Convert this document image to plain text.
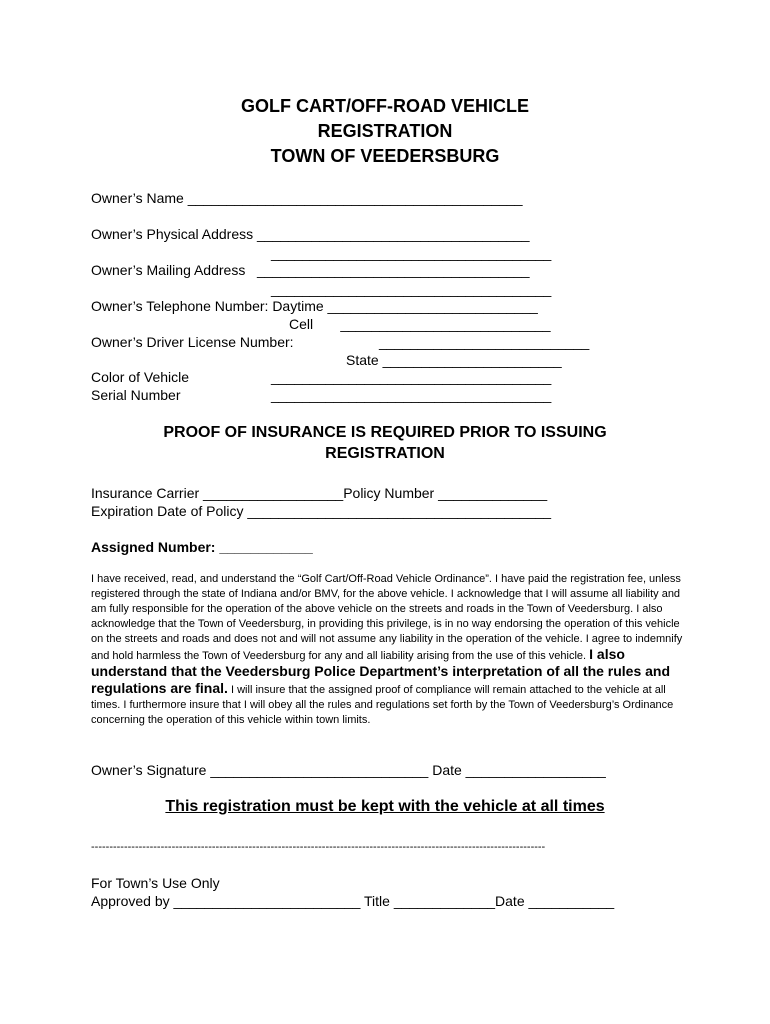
GOLF CART/OFF-ROAD VEHICLE
REGISTRATION
TOWN OF VEEDERSBURG
Owner’s Name ___________________________________________
Owner’s Physical Address ___________________________________
____________________________________
Owner’s Mailing Address   ___________________________________
____________________________________
Owner’s Telephone Number: Daytime ___________________________
Cell       ___________________________
Owner’s Driver License Number:	___________________________
State _______________________
Color of Vehicle	____________________________________
Serial Number	____________________________________
PROOF OF INSURANCE IS REQUIRED PRIOR TO ISSUING
REGISTRATION
Insurance Carrier __________________Policy Number ______________
Expiration Date of Policy _______________________________________
Assigned Number: ____________
I have received, read, and understand the “Golf Cart/Off-Road Vehicle Ordinance”. I have paid the registration fee, unless registered through the state of Indiana and/or BMV, for the above vehicle. I acknowledge that I will assume all liability and am fully responsible for the operation of the above vehicle on the streets and roads in the Town of Veedersburg. I also acknowledge that the Town of Veedersburg, in providing this privilege, is in no way endorsing the operation of this vehicle on the streets and roads and does not and will not assume any liability in the operation of the vehicle. I agree to indemnify and hold harmless the Town of Veedersburg for any and all liability arising from the use of this vehicle. I also understand that the Veedersburg Police Department’s interpretation of all the rules and regulations are final. I will insure that the assigned proof of compliance will remain attached to the vehicle at all times. I furthermore insure that I will obey all the rules and regulations set forth by the Town of Veedersburg’s Ordinance concerning the operation of this vehicle within town limits.
Owner’s Signature ____________________________ Date __________________
This registration must be kept with the vehicle at all times
----------------------------------------------------------------------------------------------------------------------------
For Town’s Use Only
Approved by ________________________ Title _____________Date ___________
